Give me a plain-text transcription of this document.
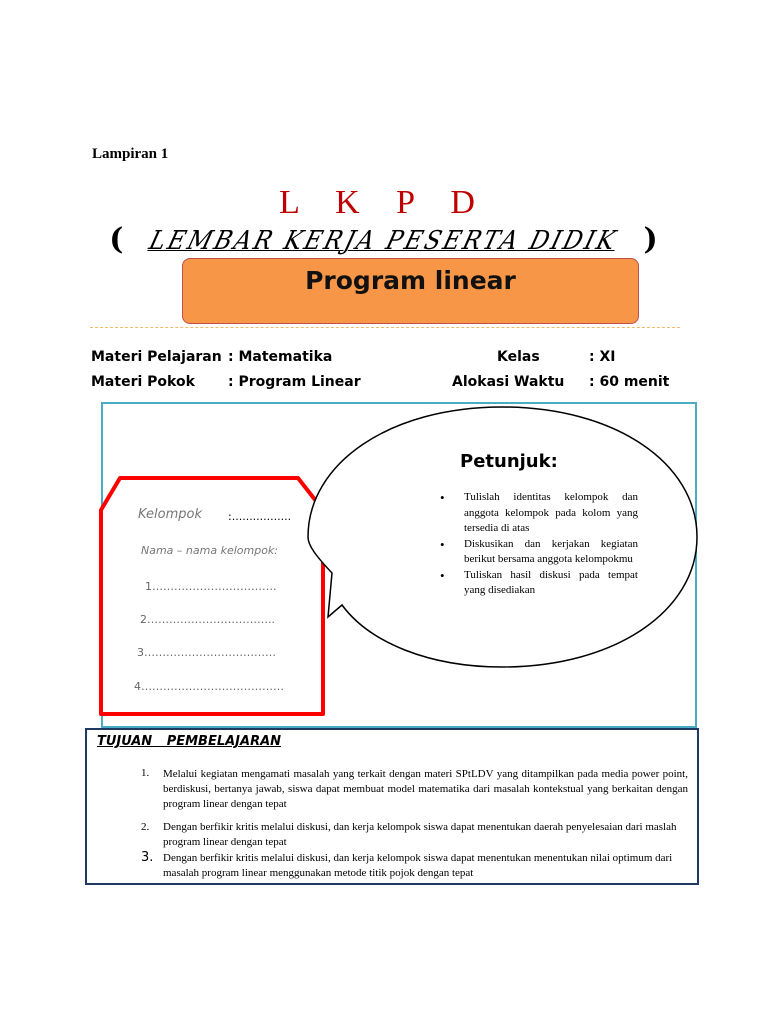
Lampiran 1
L K P D
( LEMBAR KERJA PESERTA DIDIK )
Program linear
Materi Pelajaran : Matematika
Materi Pokok : Program Linear
Kelas	: XI
Alokasi Waktu : 60 menit
Kelompok :.................
Nama – nama kelompok:
1…………………………….
2……………………………..
3………………………………
4…………………………………
Petunjuk:
• Tulislah identitas kelompok dan anggota kelompok pada kolom yang tersedia di atas
• Diskusikan dan kerjakan kegiatan berikut bersama anggota kelompokmu
• Tuliskan hasil diskusi pada tempat yang disediakan
TUJUAN PEMBELAJARAN
1. Melalui kegiatan mengamati masalah yang terkait dengan materi SPtLDV yang ditampilkan pada media power point, berdiskusi, bertanya jawab, siswa dapat membuat model matematika dari masalah kontekstual yang berkaitan dengan program linear dengan tepat
2. Dengan berfikir kritis melalui diskusi, dan kerja kelompok siswa dapat menentukan daerah penyelesaian dari maslah program linear dengan tepat
3. Dengan berfikir kritis melalui diskusi, dan kerja kelompok siswa dapat menentukan menentukan nilai optimum dari masalah program linear menggunakan metode titik pojok dengan tepat
